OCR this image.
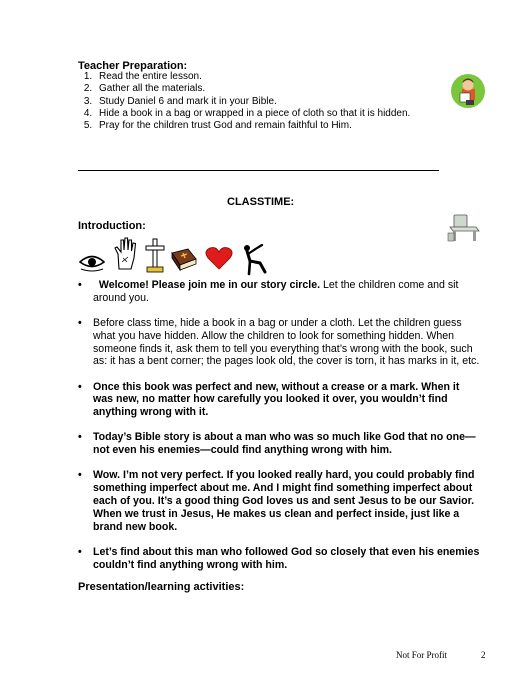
Teacher Preparation:
1. Read the entire lesson.
2. Gather all the materials.
3. Study Daniel 6 and mark it in your Bible.
4. Hide a book in a bag or wrapped in a piece of cloth so that it is hidden.
5. Pray for the children trust God and remain faithful to Him.
CLASSTIME:
Introduction:
• Welcome! Please join me in our story circle. Let the children come and sit around you.
• Before class time, hide a book in a bag or under a cloth. Let the children guess what you have hidden. Allow the children to look for something hidden. When someone finds it, ask them to tell you everything that’s wrong with the book, such as: it has a bent corner; the pages look old, the cover is torn, it has marks in it, etc.
• Once this book was perfect and new, without a crease or a mark. When it was new, no matter how carefully you looked it over, you wouldn’t find anything wrong with it.
• Today’s Bible story is about a man who was so much like God that no one—not even his enemies—could find anything wrong with him.
• Wow. I’m not very perfect. If you looked really hard, you could probably find something imperfect about me. And I might find something imperfect about each of you. It’s a good thing God loves us and sent Jesus to be our Savior. When we trust in Jesus, He makes us clean and perfect inside, just like a brand new book.
• Let’s find about this man who followed God so closely that even his enemies couldn’t find anything wrong with him.
Presentation/learning activities:
Not For Profit	2
